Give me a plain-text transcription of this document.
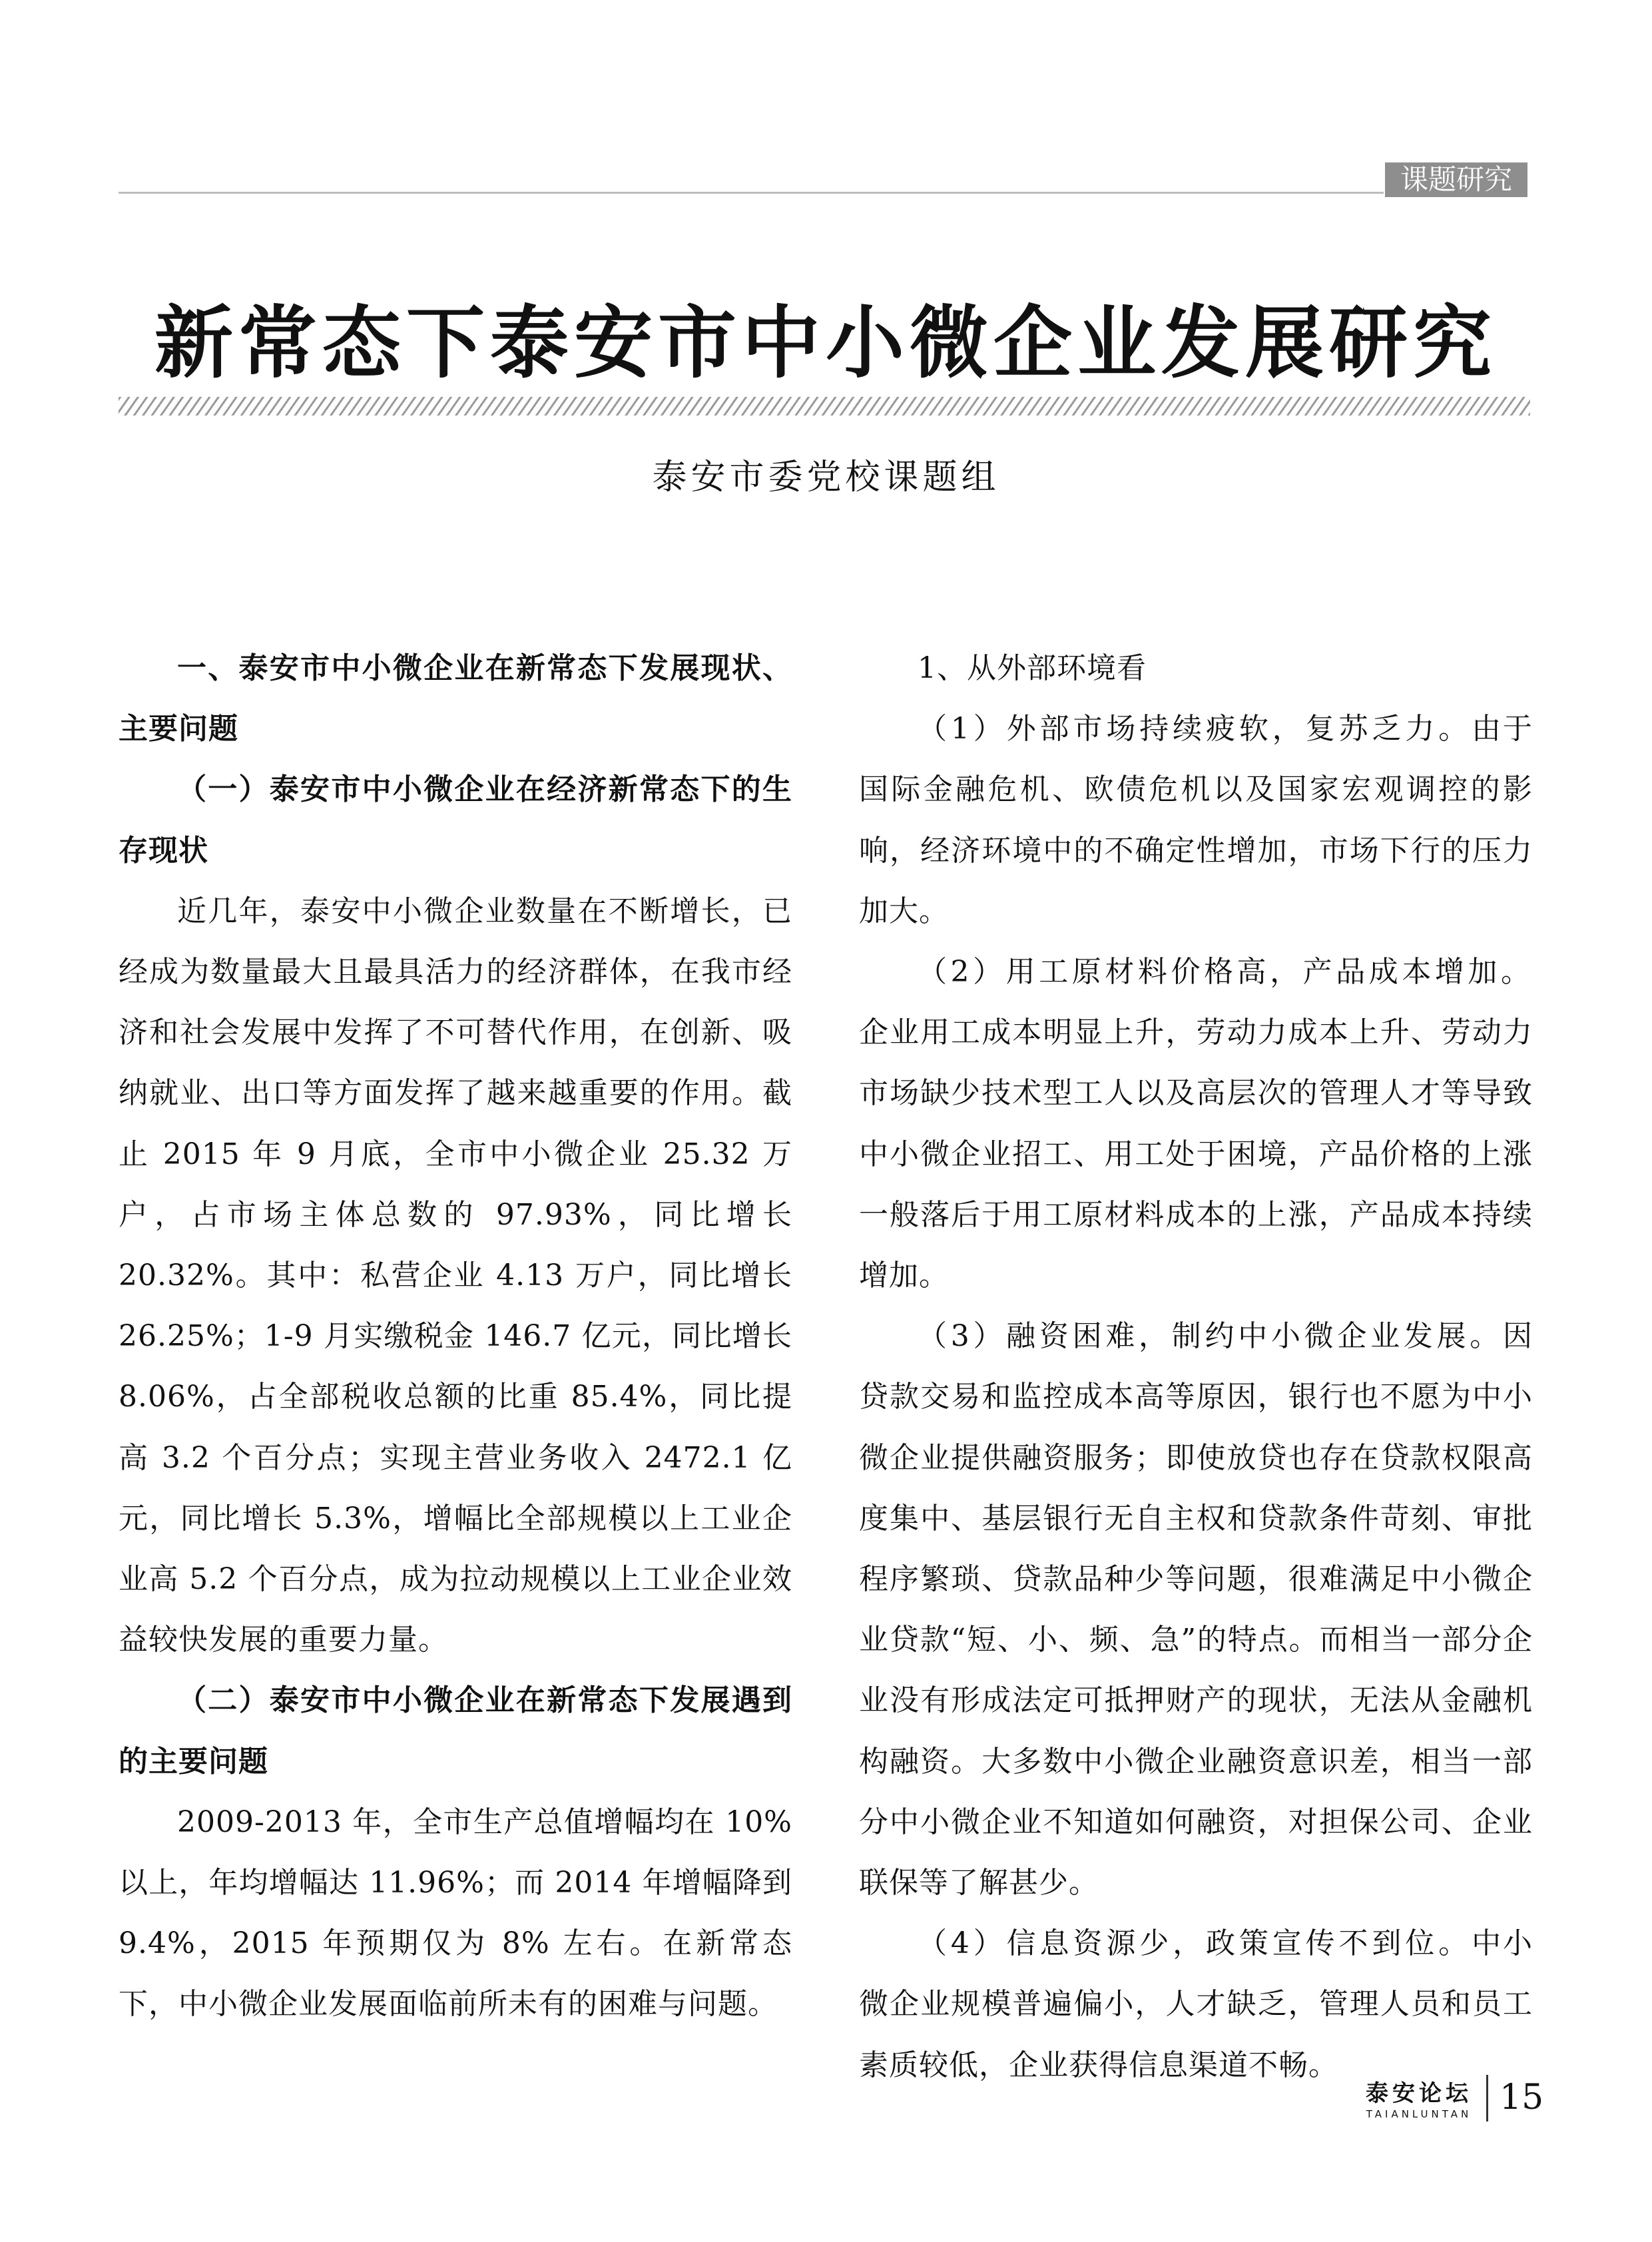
课题研究
新常态下泰安市中小微企业发展研究
泰安市委党校课题组

一、泰安市中小微企业在新常态下发展现状、主要问题

（一）泰安市中小微企业在经济新常态下的生存现状

近几年，泰安中小微企业数量在不断增长，已经成为数量最大且最具活力的经济群体，在我市经济和社会发展中发挥了不可替代作用，在创新、吸纳就业、出口等方面发挥了越来越重要的作用。截止 2015 年 9 月底，全市中小微企业 25.32 万户，占市场主体总数的 97.93%，同比增长 20.32%。其中：私营企业 4.13 万户，同比增长 26.25%；1-9 月实缴税金 146.7 亿元，同比增长 8.06%，占全部税收总额的比重 85.4%，同比提高 3.2 个百分点；实现主营业务收入 2472.1 亿元，同比增长 5.3%，增幅比全部规模以上工业企业高 5.2 个百分点，成为拉动规模以上工业企业效益较快发展的重要力量。

（二）泰安市中小微企业在新常态下发展遇到的主要问题

2009-2013 年，全市生产总值增幅均在 10% 以上，年均增幅达 11.96%；而 2014 年增幅降到 9.4%，2015 年预期仅为 8% 左右。在新常态下，中小微企业发展面临前所未有的困难与问题。

1、从外部环境看

（1）外部市场持续疲软，复苏乏力。由于国际金融危机、欧债危机以及国家宏观调控的影响，经济环境中的不确定性增加，市场下行的压力加大。

（2）用工原材料价格高，产品成本增加。企业用工成本明显上升，劳动力成本上升、劳动力市场缺少技术型工人以及高层次的管理人才等导致中小微企业招工、用工处于困境，产品价格的上涨一般落后于用工原材料成本的上涨，产品成本持续增加。

（3）融资困难，制约中小微企业发展。因贷款交易和监控成本高等原因，银行也不愿为中小微企业提供融资服务；即使放贷也存在贷款权限高度集中、基层银行无自主权和贷款条件苛刻、审批程序繁琐、贷款品种少等问题，很难满足中小微企业贷款“短、小、频、急”的特点。而相当一部分企业没有形成法定可抵押财产的现状，无法从金融机构融资。大多数中小微企业融资意识差，相当一部分中小微企业不知道如何融资，对担保公司、企业联保等了解甚少。

（4）信息资源少，政策宣传不到位。中小微企业规模普遍偏小，人才缺乏，管理人员和员工素质较低，企业获得信息渠道不畅。

泰安论坛
TAIANLUNTAN 15
